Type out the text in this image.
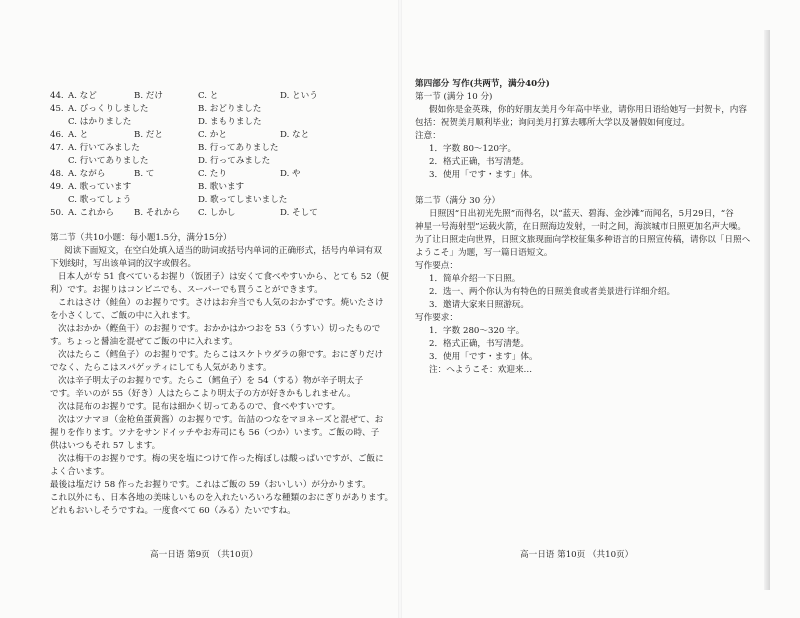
44. A. など	B. だけ	C. と	D. という
45. A. びっくりしました	B. おどりました
C. はかりました	D. まもりました
46. A. と	B. だと	C. かと	D. なと
47. A. 行いてみました	B. 行ってありました
C. 行いてありました	D. 行ってみました
48. A. ながら	B. て	C. たり	D. や
49. A. 歌っています	B. 歌います
C. 歌ってしょう	D. 歌ってしまいました
50. A. これから B. それから C. しかし	D. そして
第二节（共10小题：每小题1.5分，满分15分）
阅读下面短文，在空白处填入适当的助词或括号内单词的正确形式，括号内单词有双
下划线时，写出该单词的汉字或假名。
日本人が专 51 食べているお握り（饭团子）は安くて食べやすいから、とても 52（便
利）です。お握りはコンビニでも、スーパーでも買うことができます。
これはさけ（鲑鱼）のお握りです。さけはお弁当でも人気のおかずです。焼いたさけ
を小さくして、ご飯の中に入れます。
次はおかか（鲣鱼干）のお握りです。おかかはかつおを 53（うすい）切ったもので
す。ちょっと醤油を混ぜてご飯の中に入れます。
次はたらこ（鳕鱼子）のお握りです。たらこはスケトウダラの卵です。おにぎりだけ
でなく、たらこはスパゲッティにしても人気があります。
次は辛子明太子のお握りです。たらこ（鳕鱼子）を 54（する）物が辛子明太子
です。辛いのが 55（好き）人はたらこより明太子の方が好きかもしれません。
次は昆布のお握りです。昆布は細かく切ってあるので、食べやすいです。
次はツナマヨ（金枪鱼蛋黄酱）のお握りです。缶詰のつなをマヨネーズと混ぜて、お
握りを作ります。ツナをサンドイッチやお寿司にも 56（つか）います。ご飯の時、子
供はいつもそれ 57 します。
次は梅干のお握りです。梅の実を塩につけて作った梅ぼしは酸っぱいですが、ご飯に
よく合います。
最後は塩だけ 58 作ったお握りです。これはご飯の 59（おいしい）が分かります。
これ以外にも、日本各地の美味しいものを入れたいろいろな種類のおにぎりがあります。
どれもおいしそうですね。一度食べて 60（みる）たいですね。
高一日语 第9页 （共10页）
第四部分 写作(共两节，满分40分)
第一节 (满分 10 分)
假如你是金英珠，你的好朋友美月今年高中毕业，请你用日语给她写一封贺卡，内容
包括：祝贺美月顺利毕业；询问美月打算去哪所大学以及暑假如何度过。
注意：
1．字数 80～120字。
2．格式正确，书写清楚。
3．使用「です・ます」体。
第二节（满分 30 分）
日照因“日出初光先照”而得名，以“蓝天、碧海、金沙滩”而闻名，5月29日，“谷
神星一号海射型”运载火箭，在日照海边发射，一时之间，海滨城市日照更加名声大噪。
为了让日照走向世界，日照文旅现面向学校征集多种语言的日照宣传稿，请你以「日照へ
ようこそ」为题，写一篇日语短文。
写作要点：
1．简单介绍一下日照。
2．选一、两个你认为有特色的日照美食或者美景进行详细介绍。
3．邀请大家来日照游玩。
写作要求：
1．字数 280～320 字。
2．格式正确，书写清楚。
3．使用「です・ます」体。
注：へようこそ：欢迎来…
高一日语 第10页 （共10页）
